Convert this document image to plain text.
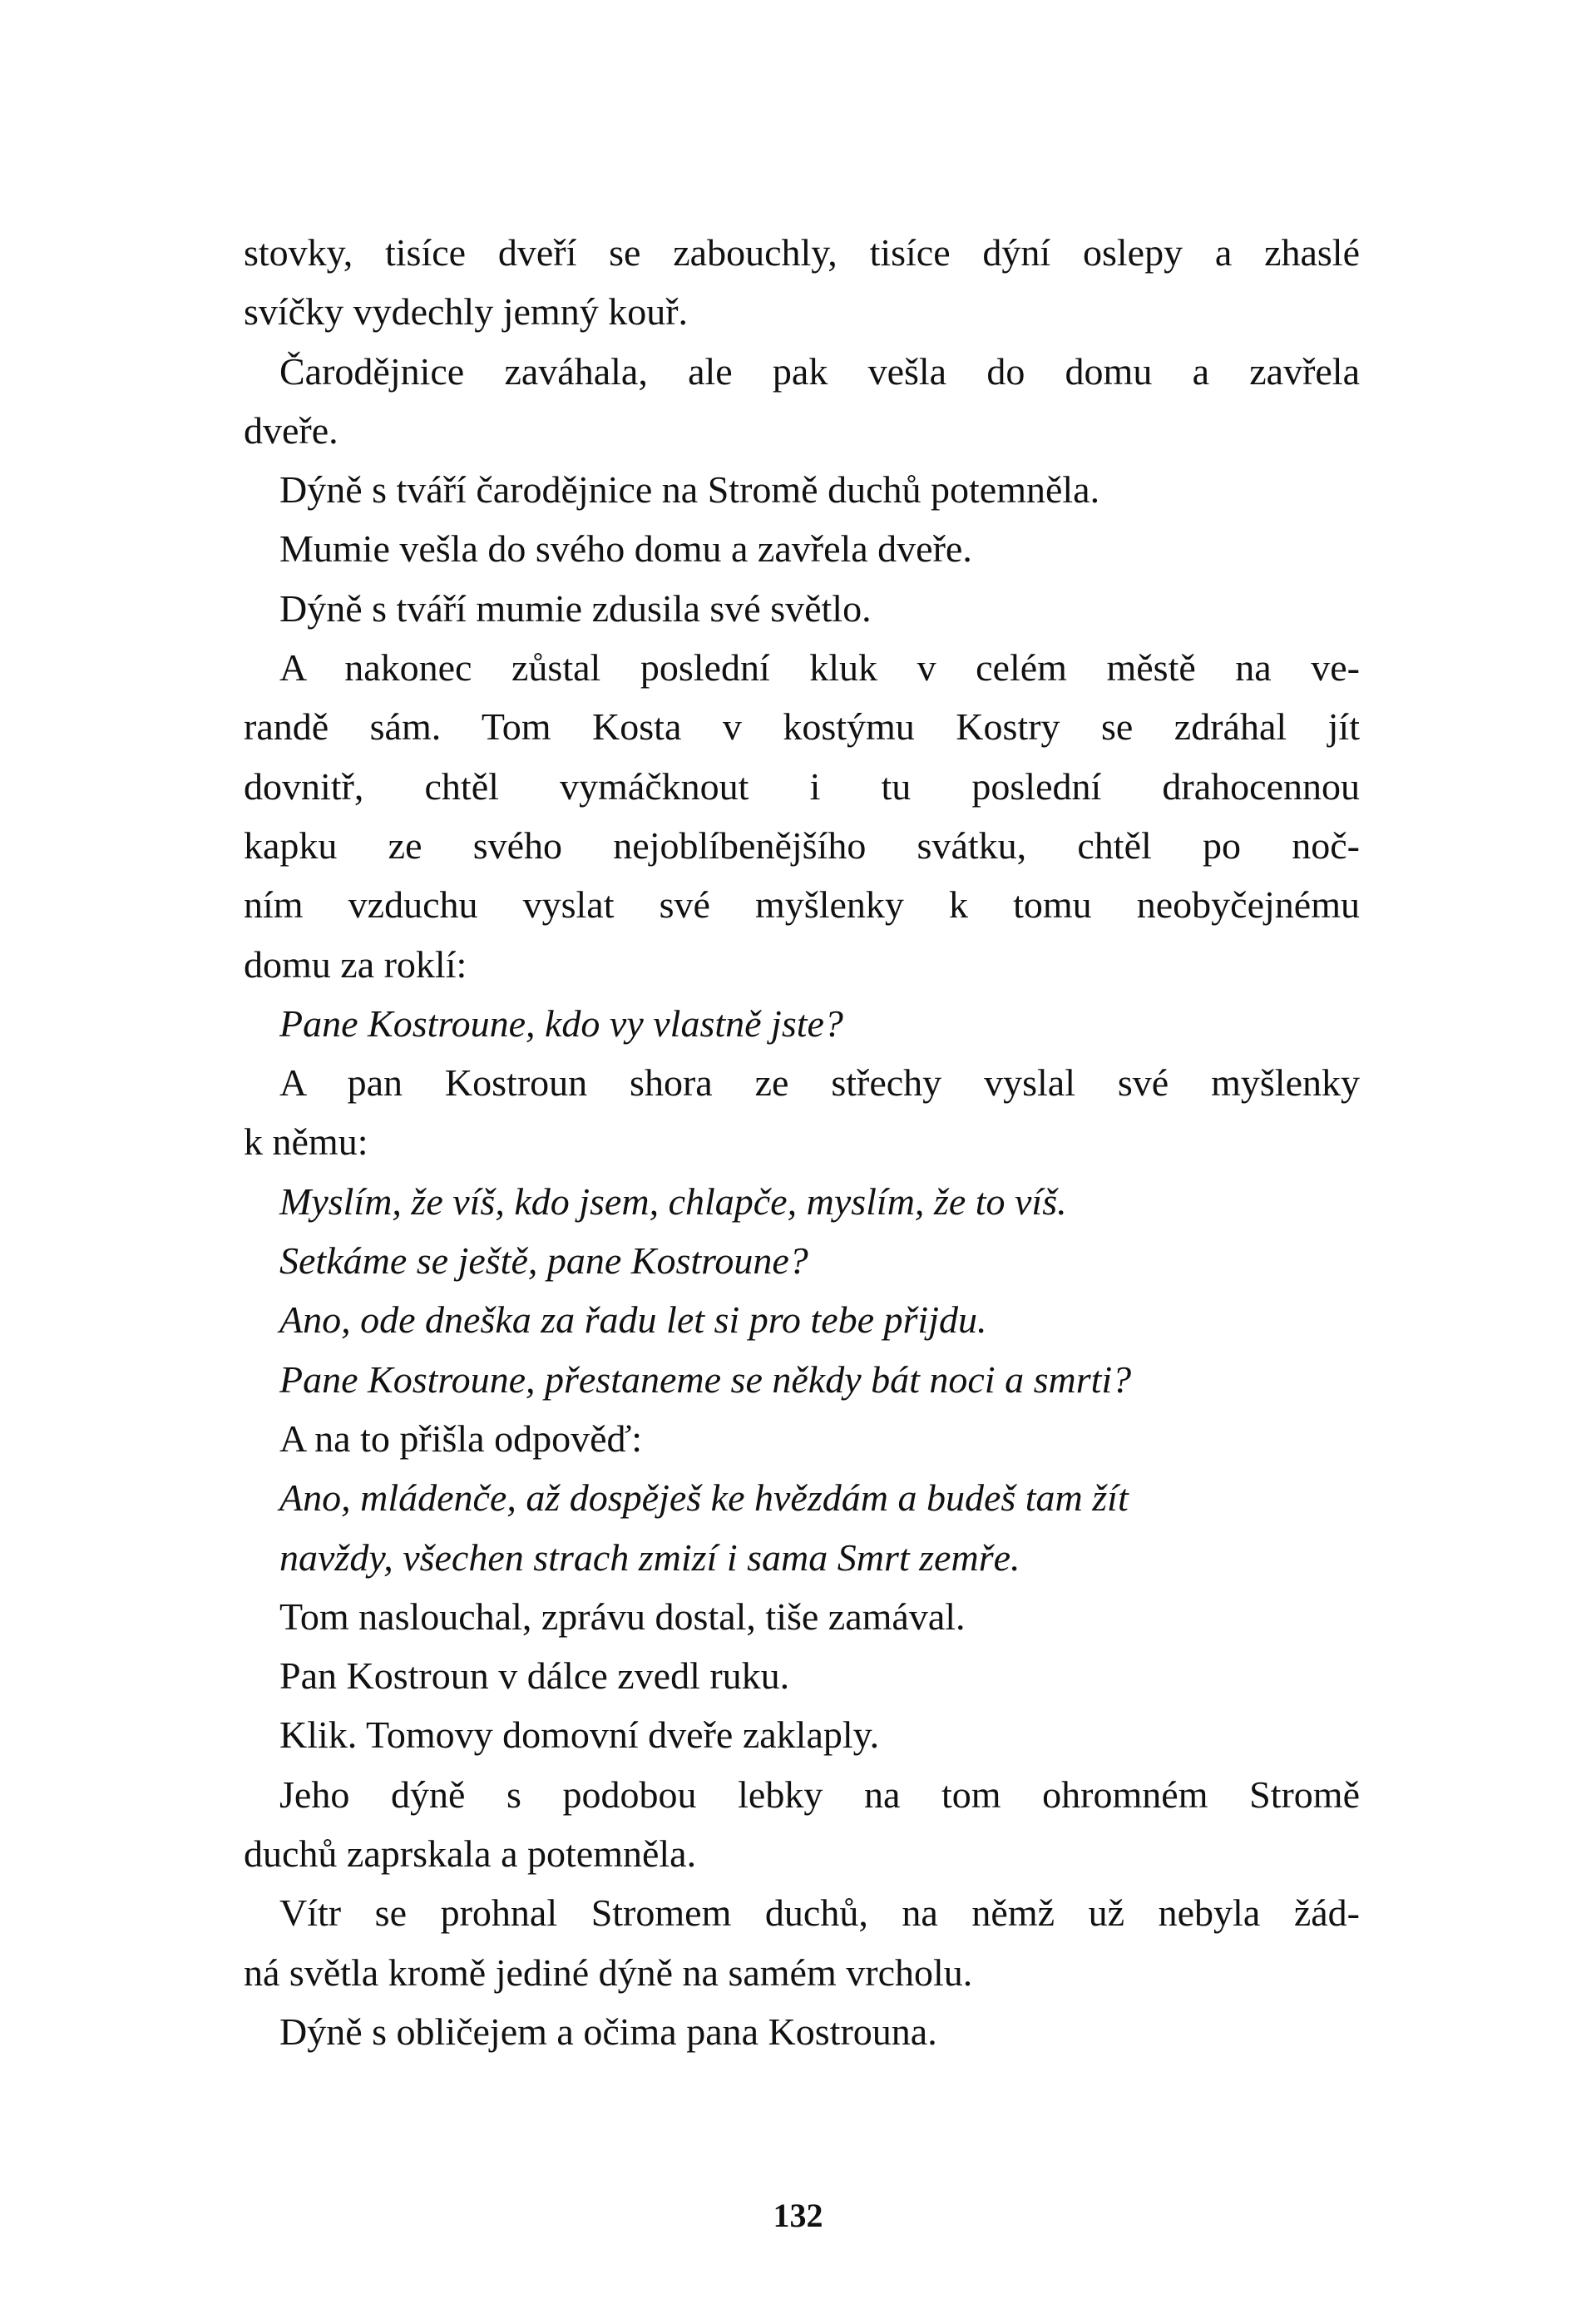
stovky, tisíce dveří se zabouchly, tisíce dýní oslepy a zhaslé
svíčky vydechly jemný kouř.
Čarodějnice zaváhala, ale pak vešla do domu a zavřela
dveře.
Dýně s tváří čarodějnice na Stromě duchů potemněla.
Mumie vešla do svého domu a zavřela dveře.
Dýně s tváří mumie zdusila své světlo.
A nakonec zůstal poslední kluk v celém městě na ve-
randě sám. Tom Kosta v kostýmu Kostry se zdráhal jít
dovnitř, chtěl vymáčknout i tu poslední drahocennou
kapku ze svého nejoblíbenějšího svátku, chtěl po noč-
ním vzduchu vyslat své myšlenky k tomu neobyčejnému
domu za roklí:
Pane Kostroune, kdo vy vlastně jste?
A pan Kostroun shora ze střechy vyslal své myšlenky
k němu:
Myslím, že víš, kdo jsem, chlapče, myslím, že to víš.
Setkáme se ještě, pane Kostroune?
Ano, ode dneška za řadu let si pro tebe přijdu.
Pane Kostroune, přestaneme se někdy bát noci a smrti?
A na to přišla odpověď:
Ano, mládenče, až dospěješ ke hvězdám a budeš tam žít
navždy, všechen strach zmizí i sama Smrt zemře.
Tom naslouchal, zprávu dostal, tiše zamával.
Pan Kostroun v dálce zvedl ruku.
Klik. Tomovy domovní dveře zaklaply.
Jeho dýně s podobou lebky na tom ohromném Stromě
duchů zaprskala a potemněla.
Vítr se prohnal Stromem duchů, na němž už nebyla žád-
ná světla kromě jediné dýně na samém vrcholu.
Dýně s obličejem a očima pana Kostrouna.
132
